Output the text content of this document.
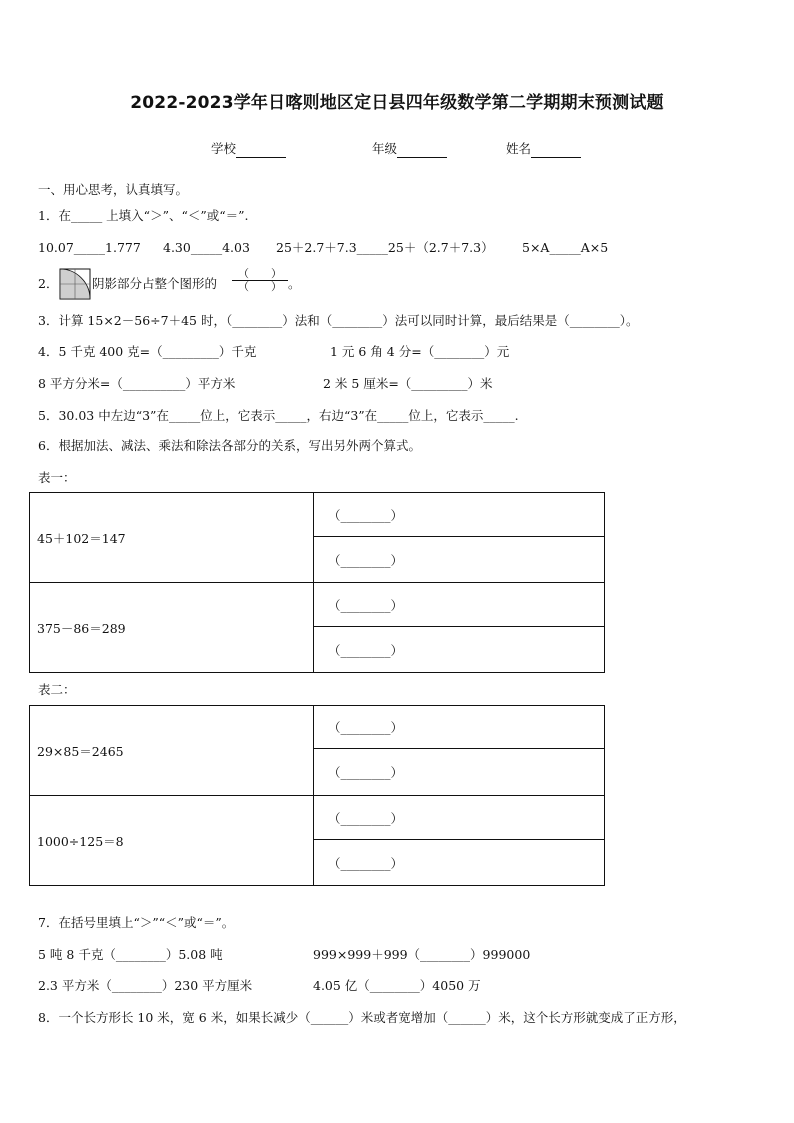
2022-2023学年日喀则地区定日县四年级数学第二学期期末预测试题
学校	年级	姓名
一、用心思考，认真填写。
1．在_____ 上填入“＞”、“＜”或“＝”.
10.07_____1.777 4.30_____4.03 25＋2.7＋7.3_____25＋（2.7＋7.3） 5×A_____A×5
2．	阴影部分占整个图形的 $\frac{( )}{( )}$ 。
3．计算 15×2－56÷7＋45 时，（________）法和（________）法可以同时计算，最后结果是（________）。
4．5 千克 400 克=（_________）千克	1 元 6 角 4 分=（________）元
8 平方分米=（__________）平方米	2 米 5 厘米=（_________）米
5．30.03 中左边“3”在_____位上，它表示_____，右边“3”在_____位上，它表示_____.
6．根据加法、减法、乘法和除法各部分的关系，写出另外两个算式。
表一：
45＋102＝147	（________）
	（________）
375－86＝289	（________）
	（________）
表二：
29×85＝2465	（________）
	（________）
1000÷125＝8	（________）
	（________）
7．在括号里填上“＞”“＜”或“＝”。
5 吨 8 千克（________）5.08 吨	999×999＋999（________）999000
2.3 平方米（________）230 平方厘米	4.05 亿（________）4050 万
8．一个长方形长 10 米，宽 6 米，如果长减少（______）米或者宽增加（______）米，这个长方形就变成了正方形，
